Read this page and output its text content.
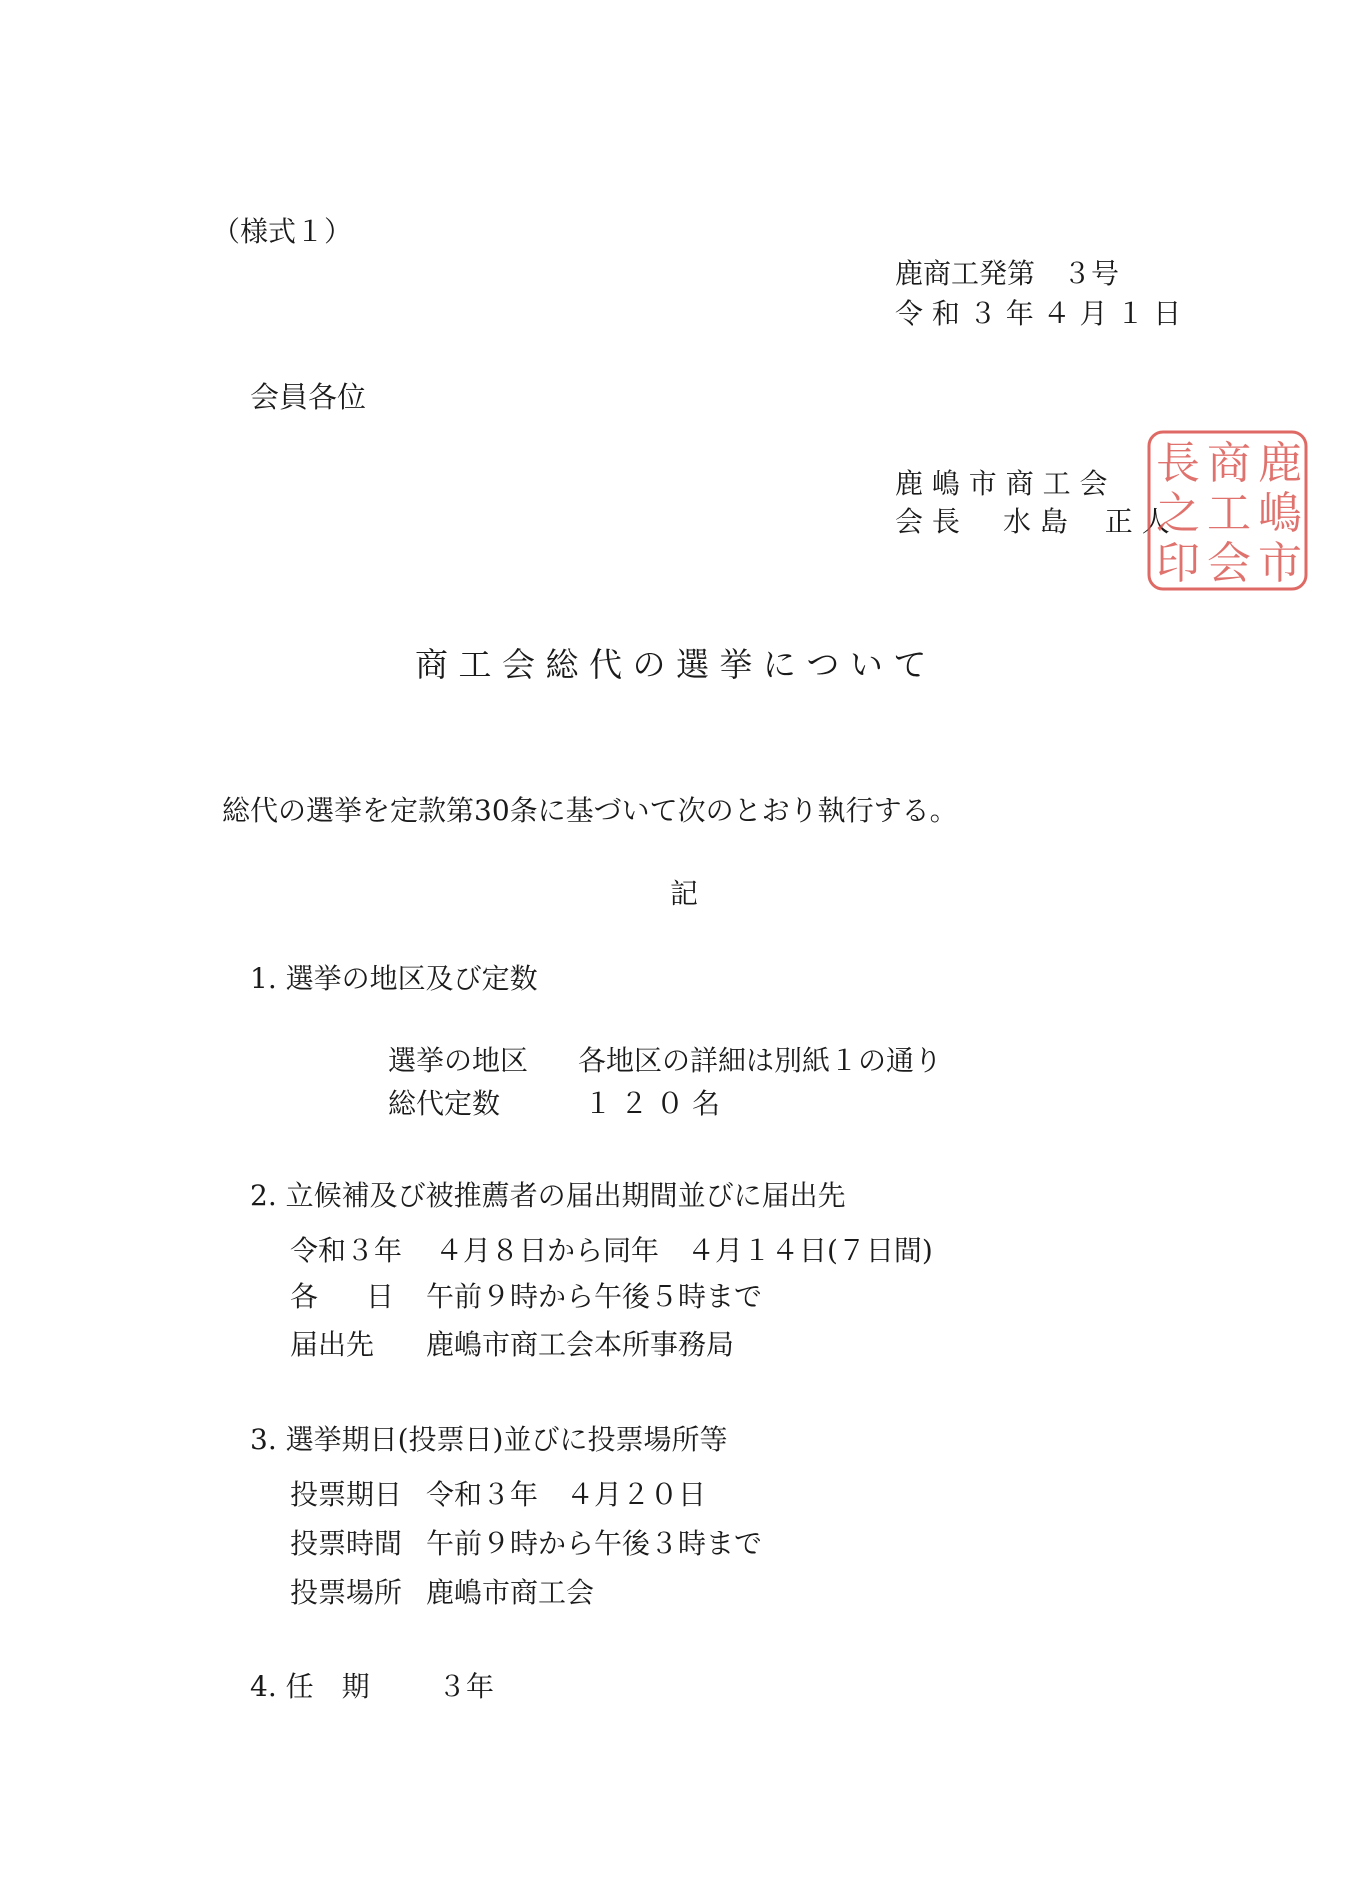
（様式１）
鹿商工発第　３号
令 和 ３ 年 ４ 月 １ 日
会員各位
鹿 嶋 市 商 工 会
会 長 水 島　 正 人
鹿
嶋
市
商
工
会
長
之
印
商 工 会 総 代 の 選 挙 に つ い て
総代の選挙を定款第30条に基づいて次のとおり執行する。
記
1. 選挙の地区及び定数
選挙の地区 各地区の詳細は別紙１の通り
総代定数	１２０名
2. 立候補及び被推薦者の届出期間並びに届出先
令和３年 ４月８日から同年　４月１４日(７日間)
各　日 午前９時から午後５時まで
届出先 鹿嶋市商工会本所事務局
3. 選挙期日(投票日)並びに投票場所等
投票期日 令和３年　４月２０日
投票時間 午前９時から午後３時まで
投票場所 鹿嶋市商工会
4. 任　期 ３年
